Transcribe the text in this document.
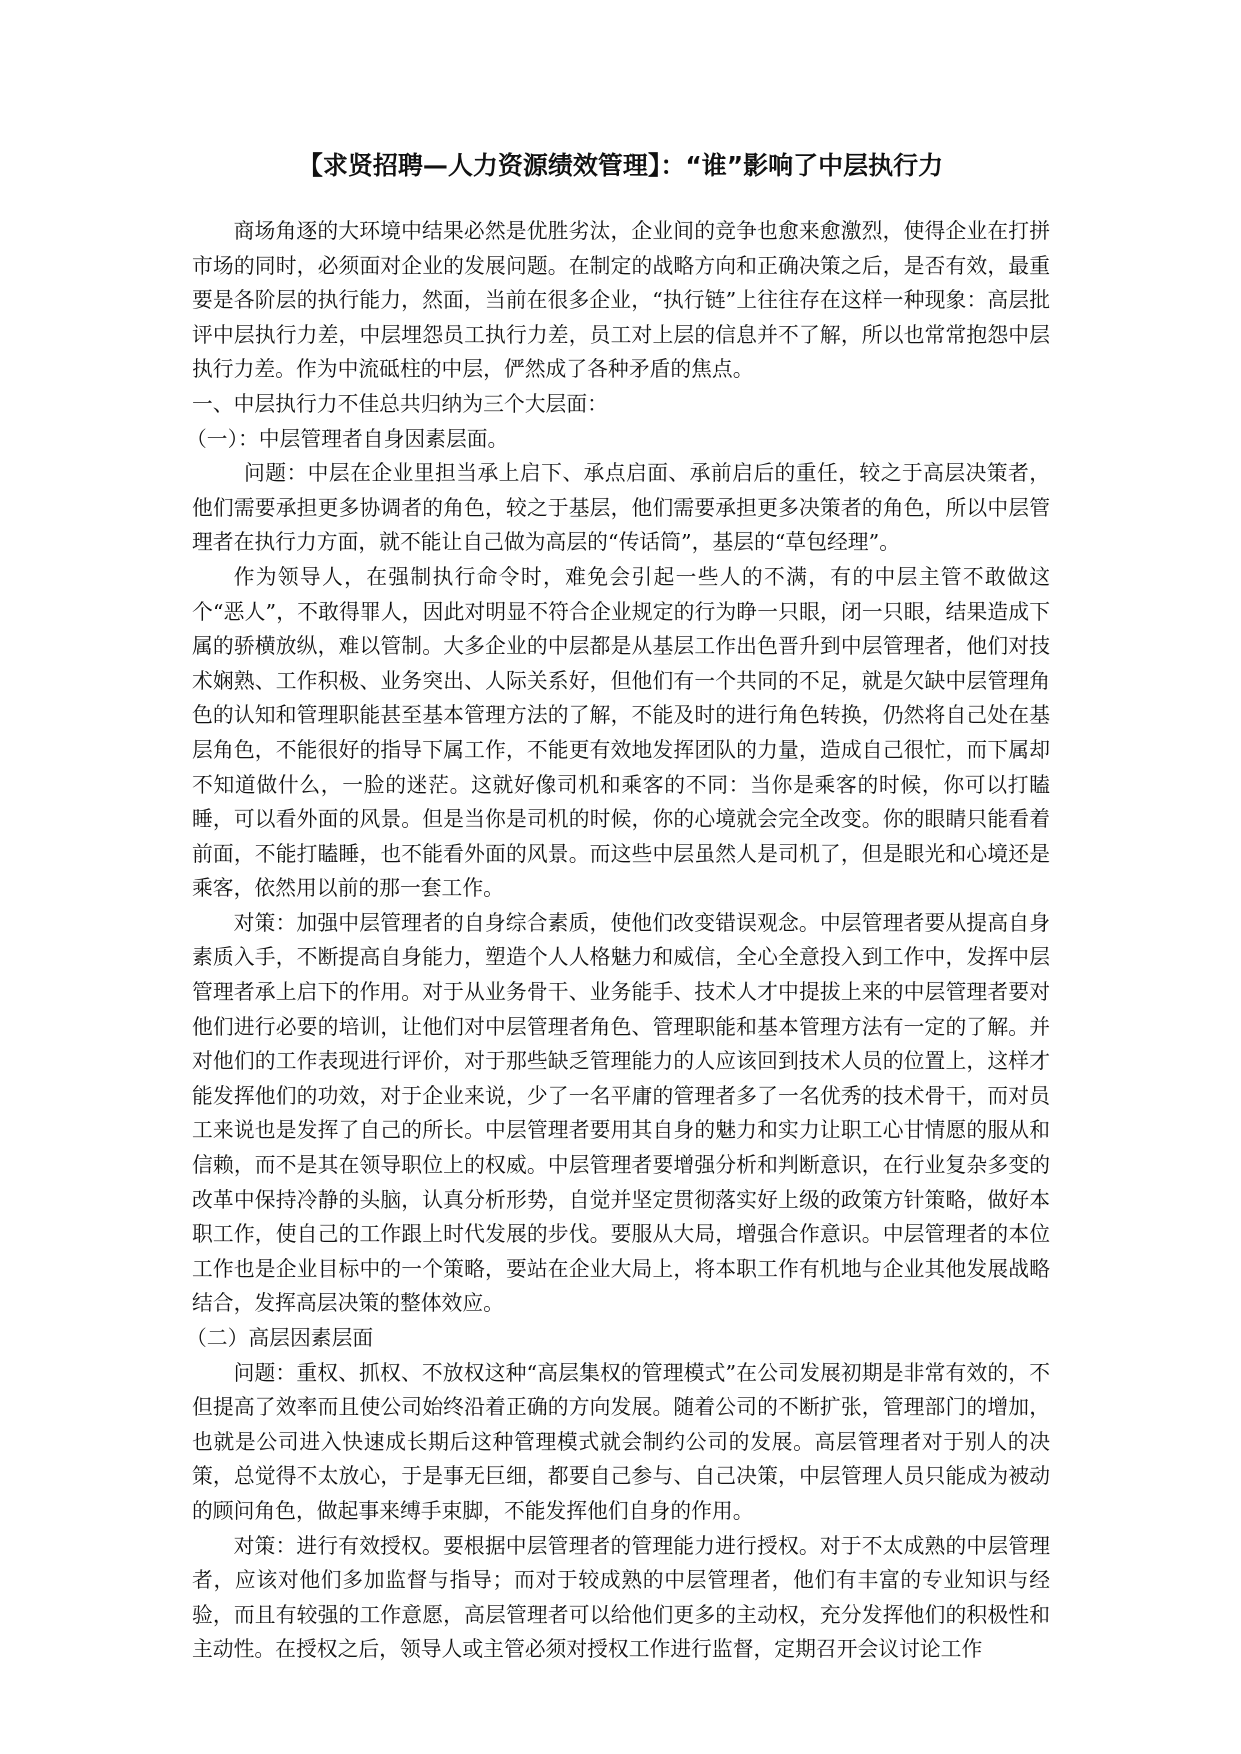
【求贤招聘—人力资源绩效管理】：“谁”影响了中层执行力

商场角逐的大环境中结果必然是优胜劣汰，企业间的竞争也愈来愈激烈，使得企业在打拼市场的同时，必须面对企业的发展问题。在制定的战略方向和正确决策之后，是否有效，最重要是各阶层的执行能力，然面，当前在很多企业，“执行链”上往往存在这样一种现象：高层批评中层执行力差，中层埋怨员工执行力差，员工对上层的信息并不了解，所以也常常抱怨中层执行力差。作为中流砥柱的中层，俨然成了各种矛盾的焦点。

一、中层执行力不佳总共归纳为三个大层面：

（一）：中层管理者自身因素层面。

问题：中层在企业里担当承上启下、承点启面、承前启后的重任，较之于高层决策者，他们需要承担更多协调者的角色，较之于基层，他们需要承担更多决策者的角色，所以中层管理者在执行力方面，就不能让自己做为高层的“传话筒”，基层的“草包经理”。

作为领导人，在强制执行命令时，难免会引起一些人的不满，有的中层主管不敢做这个“恶人”，不敢得罪人，因此对明显不符合企业规定的行为睁一只眼，闭一只眼，结果造成下属的骄横放纵，难以管制。大多企业的中层都是从基层工作出色晋升到中层管理者，他们对技术娴熟、工作积极、业务突出、人际关系好，但他们有一个共同的不足，就是欠缺中层管理角色的认知和管理职能甚至基本管理方法的了解，不能及时的进行角色转换，仍然将自己处在基层角色，不能很好的指导下属工作，不能更有效地发挥团队的力量，造成自己很忙，而下属却不知道做什么，一脸的迷茫。这就好像司机和乘客的不同：当你是乘客的时候，你可以打瞌睡，可以看外面的风景。但是当你是司机的时候，你的心境就会完全改变。你的眼睛只能看着前面，不能打瞌睡，也不能看外面的风景。而这些中层虽然人是司机了，但是眼光和心境还是乘客，依然用以前的那一套工作。

对策：加强中层管理者的自身综合素质，使他们改变错误观念。中层管理者要从提高自身素质入手，不断提高自身能力，塑造个人人格魅力和威信，全心全意投入到工作中，发挥中层管理者承上启下的作用。对于从业务骨干、业务能手、技术人才中提拔上来的中层管理者要对他们进行必要的培训，让他们对中层管理者角色、管理职能和基本管理方法有一定的了解。并对他们的工作表现进行评价，对于那些缺乏管理能力的人应该回到技术人员的位置上，这样才能发挥他们的功效，对于企业来说，少了一名平庸的管理者多了一名优秀的技术骨干，而对员工来说也是发挥了自己的所长。中层管理者要用其自身的魅力和实力让职工心甘情愿的服从和信赖，而不是其在领导职位上的权威。中层管理者要增强分析和判断意识，在行业复杂多变的改革中保持冷静的头脑，认真分析形势，自觉并坚定贯彻落实好上级的政策方针策略，做好本职工作，使自己的工作跟上时代发展的步伐。要服从大局，增强合作意识。中层管理者的本位工作也是企业目标中的一个策略，要站在企业大局上，将本职工作有机地与企业其他发展战略结合，发挥高层决策的整体效应。

（二）高层因素层面

问题：重权、抓权、不放权这种“高层集权的管理模式”在公司发展初期是非常有效的，不但提高了效率而且使公司始终沿着正确的方向发展。随着公司的不断扩张，管理部门的增加，也就是公司进入快速成长期后这种管理模式就会制约公司的发展。高层管理者对于别人的决策，总觉得不太放心，于是事无巨细，都要自己参与、自己决策，中层管理人员只能成为被动的顾问角色，做起事来缚手束脚，不能发挥他们自身的作用。

对策：进行有效授权。要根据中层管理者的管理能力进行授权。对于不太成熟的中层管理者，应该对他们多加监督与指导；而对于较成熟的中层管理者，他们有丰富的专业知识与经验，而且有较强的工作意愿，高层管理者可以给他们更多的主动权，充分发挥他们的积极性和主动性。在授权之后，领导人或主管必须对授权工作进行监督，定期召开会议讨论工作
